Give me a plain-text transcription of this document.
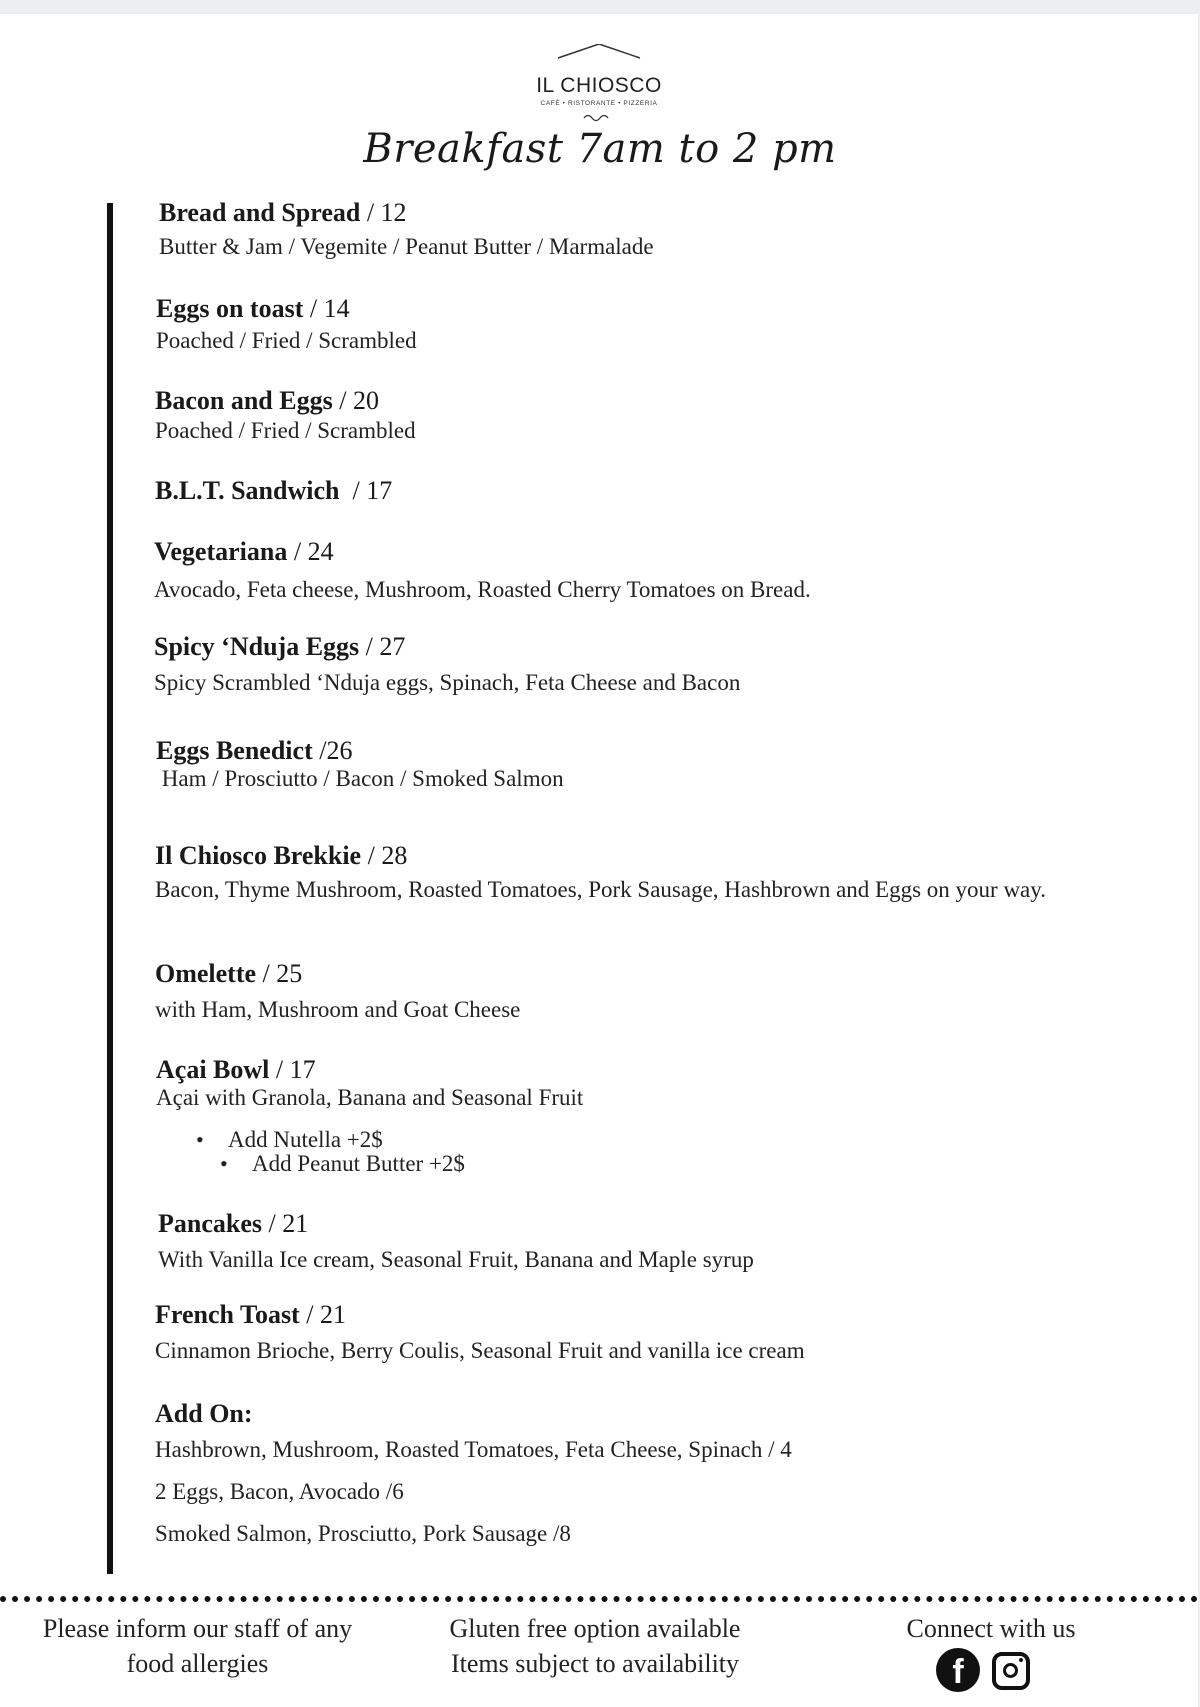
IL CHIOSCO
CAFÉ • RISTORANTE • PIZZERIA
Breakfast 7am to 2 pm
Bread and Spread / 12
Butter & Jam / Vegemite / Peanut Butter / Marmalade
Eggs on toast / 14
Poached / Fried / Scrambled
Bacon and Eggs / 20
Poached / Fried / Scrambled
B.L.T. Sandwich  / 17
Vegetariana / 24
Avocado, Feta cheese, Mushroom, Roasted Cherry Tomatoes on Bread.
Spicy ‘Nduja Eggs / 27
Spicy Scrambled ‘Nduja eggs, Spinach, Feta Cheese and Bacon
Eggs Benedict /26
Ham / Prosciutto / Bacon / Smoked Salmon
Il Chiosco Brekkie / 28
Bacon, Thyme Mushroom, Roasted Tomatoes, Pork Sausage, Hashbrown and Eggs on your way.
Omelette / 25
with Ham, Mushroom and Goat Cheese
Açai Bowl / 17
Açai with Granola, Banana and Seasonal Fruit
• Add Nutella +2$
• Add Peanut Butter +2$
Pancakes / 21
With Vanilla Ice cream, Seasonal Fruit, Banana and Maple syrup
French Toast / 21
Cinnamon Brioche, Berry Coulis, Seasonal Fruit and vanilla ice cream
Add On:
Hashbrown, Mushroom, Roasted Tomatoes, Feta Cheese, Spinach / 4
2 Eggs, Bacon, Avocado /6
Smoked Salmon, Prosciutto, Pork Sausage /8
Please inform our staff of any
food allergies
Gluten free option available
Items subject to availability
Connect with us
f
